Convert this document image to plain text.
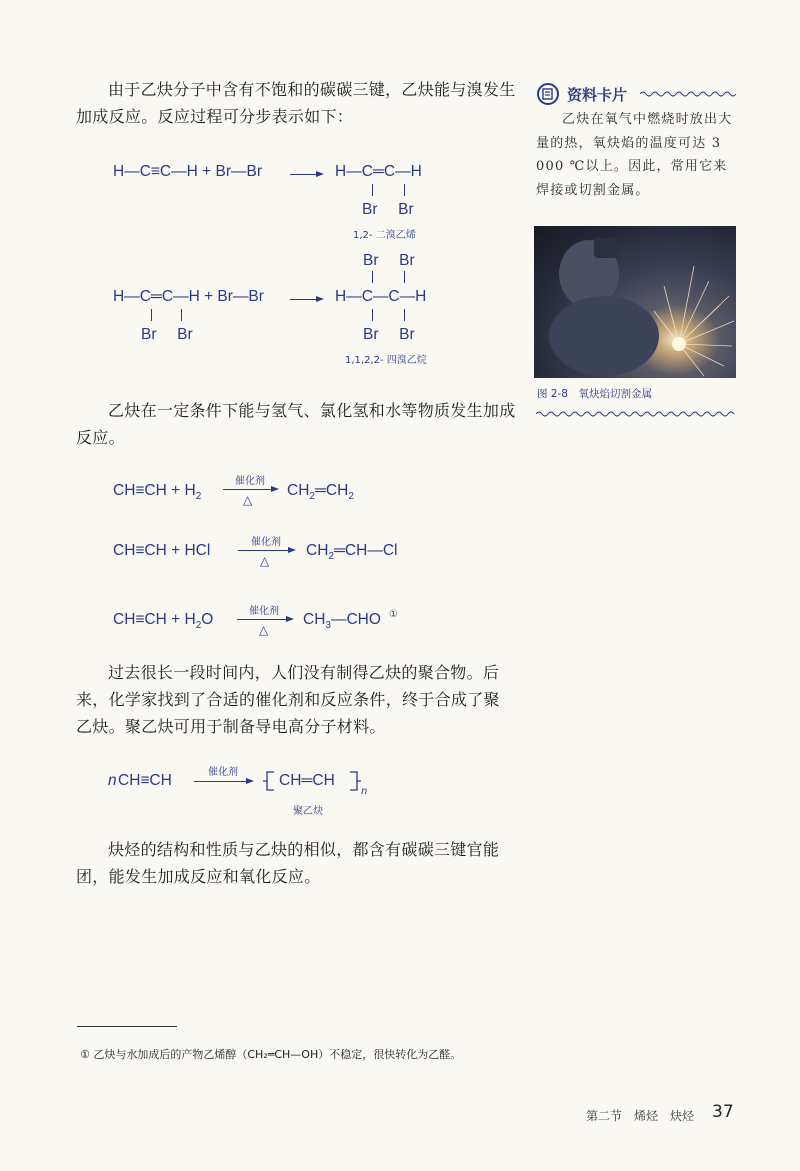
由于乙炔分子中含有不饱和的碳碳三键，乙炔能与溴发生加成反应。反应过程可分步表示如下：

H—C≡C—H + Br—Br	H—C═C—H
Br  Br
1,2- 二溴乙烯
Br  Br
H—C═C—H + Br—Br
Br  Br
H—C—C—H
Br  Br
1,1,2,2- 四溴乙烷

乙炔在一定条件下能与氢气、氯化氢和水等物质发生加成反应。

$CH\equiv CH + H_2$
催化剂
△
$CH_2═CH_2$
CH≡CH + HCl	催化剂
△
$CH_2═CH—Cl$
$CH\equiv CH + H_2O$	催化剂
△
$CH_3—CHO$ ①

过去很长一段时间内，人们没有制得乙炔的聚合物。后来，化学家找到了合适的催化剂和反应条件，终于合成了聚乙炔。聚乙炔可用于制备导电高分子材料。

n CH≡CH	催化剂	CH═CH
n
聚乙炔

炔烃的结构和性质与乙炔的相似，都含有碳碳三键官能团，能发生加成反应和氧化反应。

资料卡片

乙炔在氧气中燃烧时放出大量的热，氧炔焰的温度可达 3 000 ℃以上。因此，常用它来焊接或切割金属。

图 2-8　氧炔焰切割金属
① 乙炔与水加成后的产物乙烯醇（CH₂═CH—OH）不稳定，很快转化为乙醛。
第二节　烯烃　炔烃 37
